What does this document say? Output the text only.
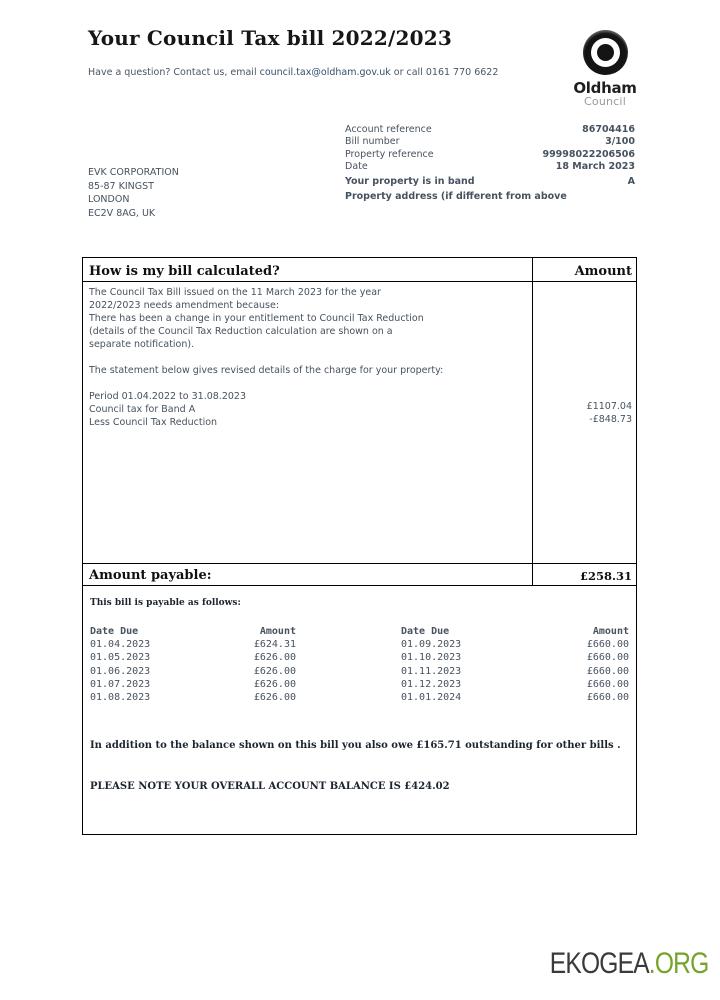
Your Council Tax bill 2022/2023
Have a question? Contact us, email council.tax@oldham.gov.uk or call 0161 770 6622
Oldham
Council
EVK CORPORATION
85-87 KINGST
LONDON
EC2V 8AG, UK
Account reference	86704416
Bill number	3/100
Property reference	99998022206506
Date	18 March 2023
Your property is in band	A
Property address (if different from above
How is my bill calculated?	Amount
The Council Tax Bill issued on the 11 March 2023 for the year
2022/2023 needs amendment because:
There has been a change in your entitlement to Council Tax Reduction
(details of the Council Tax Reduction calculation are shown on a
separate notification).
The statement below gives revised details of the charge for your property:
Period 01.04.2022 to 31.08.2023
Council tax for Band A
Less Council Tax Reduction
£1107.04
-£848.73
Amount payable:	£258.31
This bill is payable as follows:
Date Due	Amount	Date Due	Amount
01.04.2023	£624.31	01.09.2023	£660.00
01.05.2023	£626.00	01.10.2023	£660.00
01.06.2023	£626.00	01.11.2023	£660.00
01.07.2023	£626.00	01.12.2023	£660.00
01.08.2023	£626.00	01.01.2024	£660.00
In addition to the balance shown on this bill you also owe £165.71 outstanding for other bills .
PLEASE NOTE YOUR OVERALL ACCOUNT BALANCE IS £424.02
EKOGEA.ORG
